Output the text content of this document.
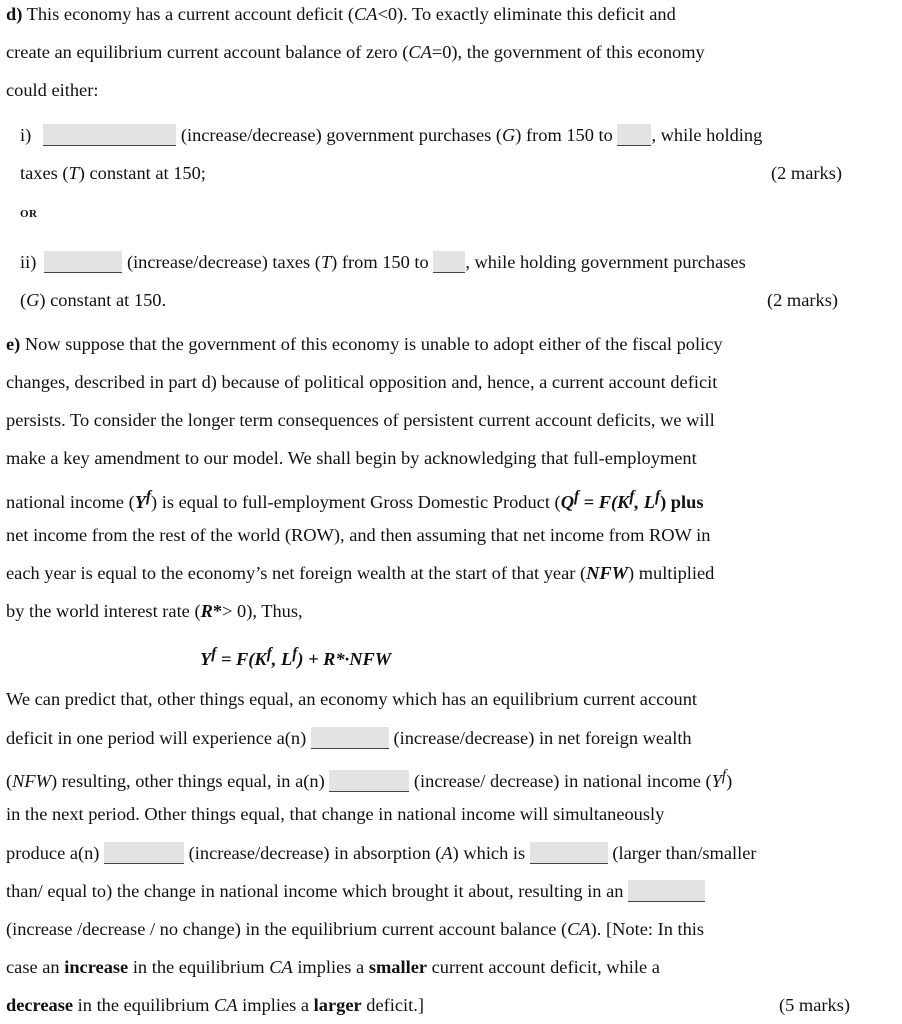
d) This economy has a current account deficit (CA<0). To exactly eliminate this deficit and
create an equilibrium current account balance of zero (CA=0), the government of this economy
could either:
i)	(increase/decrease) government purchases (G) from 150 to , while holding
taxes (T) constant at 150;	(2 marks)
OR
ii)	(increase/decrease) taxes (T) from 150 to , while holding government purchases
(G) constant at 150.	(2 marks)
e) Now suppose that the government of this economy is unable to adopt either of the fiscal policy
changes, described in part d) because of political opposition and, hence, a current account deficit
persists. To consider the longer term consequences of persistent current account deficits, we will
make a key amendment to our model. We shall begin by acknowledging that full-employment
national income $(Y^f)$ is equal to full-employment Gross Domestic Product ($Q^f = F(K^f$, $L^f$) plus
net income from the rest of the world (ROW), and then assuming that net income from ROW in
each year is equal to the economy’s net foreign wealth at the start of that year (NFW) multiplied
by the world interest rate (R*> 0), Thus,
$Y^f = F(K^f$, $L^f) + R*\cdot NFW$
We can predict that, other things equal, an economy which has an equilibrium current account
deficit in one period will experience a(n)	(increase/decrease) in net foreign wealth
(NFW) resulting, other things equal, in a(n)	(increase/ decrease) in national income $(Y^f)$
in the next period. Other things equal, that change in national income will simultaneously
produce a(n)	(increase/decrease) in absorption (A) which is	(larger than/smaller
than/ equal to) the change in national income which brought it about, resulting in an
(increase /decrease / no change) in the equilibrium current account balance (CA). [Note: In this
case an increase in the equilibrium CA implies a smaller current account deficit, while a
decrease in the equilibrium CA implies a larger deficit.]	(5 marks)
